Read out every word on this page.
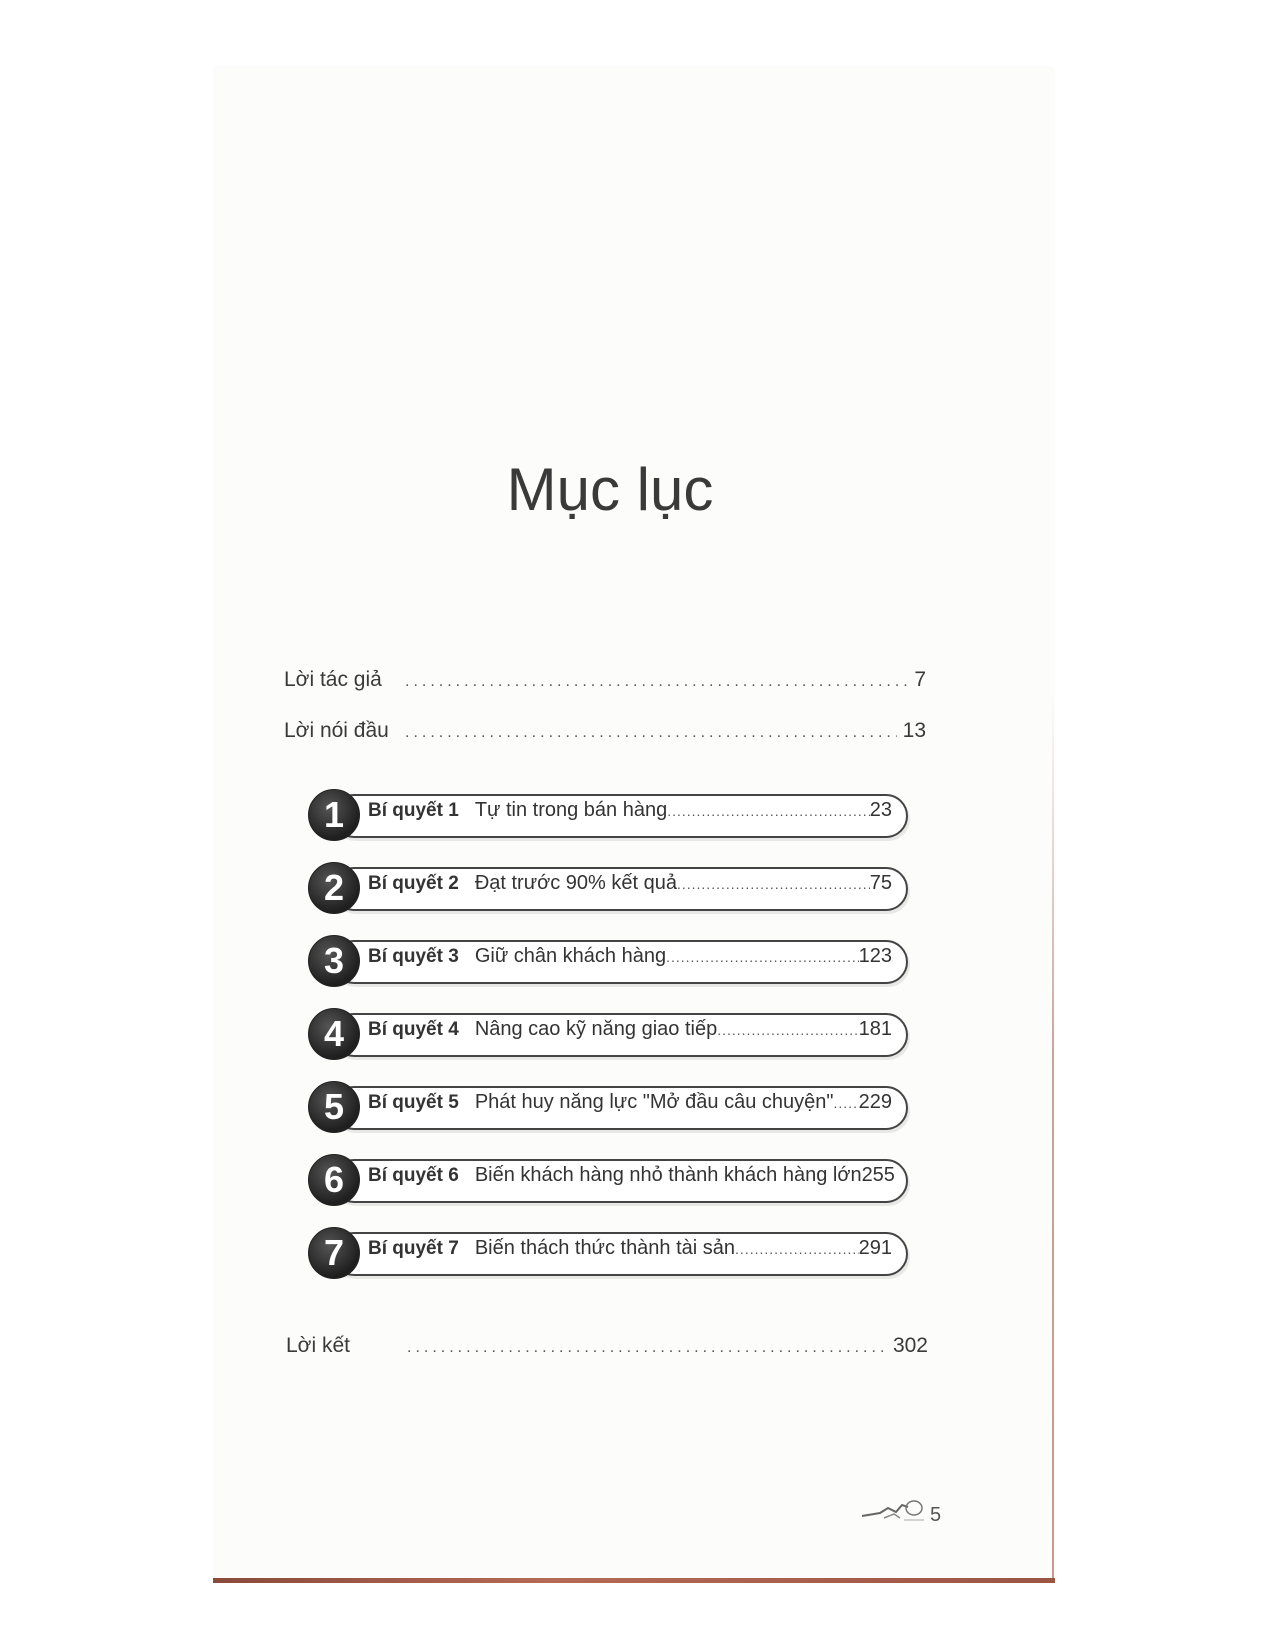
Mục lục
Lời tác giả .....	7
Lời nói đầu .....	13
1	Bí quyết 1 Tự tin trong bán hàng .....	23
2	Bí quyết 2 Đạt trước 90% kết quả .....	75
3	Bí quyết 3 Giữ chân khách hàng .....	123
4	Bí quyết 4 Nâng cao kỹ năng giao tiếp .....	181
5	Bí quyết 5 Phát huy năng lực "Mở đầu câu chuyện" ..... 229
6	Bí quyết 6 Biến khách hàng nhỏ thành khách hàng lớn 255
7	Bí quyết 7 Biến thách thức thành tài sản .....	291
Lời kết .....	302
5
